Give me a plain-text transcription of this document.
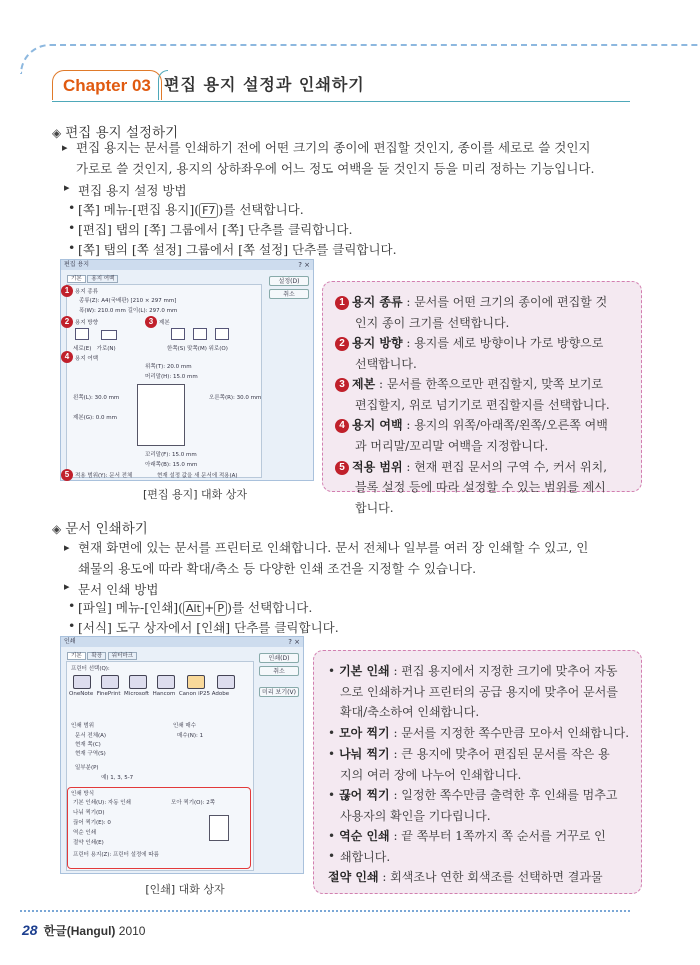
Chapter 03 편집 용지 설정과 인쇄하기
◈ 편집 용지 설정하기
▸ 편집 용지는 문서를 인쇄하기 전에 어떤 크기의 종이에 편집할 것인지, 종이를 세로로 쓸 것인지
가로로 쓸 것인지, 용지의 상하좌우에 어느 정도 여백을 둘 것인지 등을 미리 정하는 기능입니다.
▸ 편집 용지 설정 방법
• [쪽] 메뉴-[편집 용지]( F7 )를 선택합니다.
• [편집] 탭의 [쪽] 그룹에서 [쪽] 단추를 클릭합니다.
• [쪽] 탭의 [쪽 설정] 그룹에서 [쪽 설정] 단추를 클릭합니다.
편집 용지	? ×
기본 용지 여백	설정(D)
취소
1	용지 종류
종류(Z): A4(국배판) [210 × 297 mm]
폭(W): 210.0 mm 길이(L): 297.0 mm
2	용지 방향	3	제본
세로(E) 가로(N)	한쪽(S) 맞쪽(M) 위로(O)
4	용지 여백
위쪽(T): 20.0 mm
머리말(H): 15.0 mm
왼쪽(L): 30.0 mm	오른쪽(R): 30.0 mm
제본(G): 0.0 mm
꼬리말(F): 15.0 mm
아래쪽(B): 15.0 mm
5	적용 범위(Y): 문서 전체	현재 설정 값을 새 문서에 적용(A)
[편집 용지] 대화 상자
1 용지 종류 : 문서를 어떤 크기의 종이에 편집할 것
인지 종이 크기를 선택합니다.
2 용지 방향 : 용지를 세로 방향이나 가로 방향으로
선택합니다.
3 제본 : 문서를 한쪽으로만 편집할지, 맞쪽 보기로
편집할지, 위로 넘기기로 편집할지를 선택합니다.
4 용지 여백 : 용지의 위쪽/아래쪽/왼쪽/오른쪽 여백
과 머리말/꼬리말 여백을 지정합니다.

5 적용 범위 : 현재 편집 문서의 구역 수, 커서 위치,
블록 설정 등에 따라 설정할 수 있는 범위를 제시
합니다.
◈ 문서 인쇄하기
▸ 현재 화면에 있는 문서를 프린터로 인쇄합니다. 문서 전체나 일부를 여러 장 인쇄할 수 있고, 인
쇄물의 용도에 따라 확대/축소 등 다양한 인쇄 조건을 지정할 수 있습니다.
▸ 문서 인쇄 방법
• [파일] 메뉴-[인쇄]( Alt + P )를 선택합니다.
• [서식] 도구 상자에서 [인쇄] 단추를 클릭합니다.
인쇄	? ×
기본 확장 워터마크	인쇄(D)
취소
미리 보기(V)
프린터 선택(Q):
OneNote FinePrint Microsoft Hancom Canon iP25 Adobe
인쇄 범위
문서 전체(A)
현재 쪽(C)
현재 구역(S)
일부분(P)
인쇄 매수
매수(N): 1
예) 1, 3, 5-7
인쇄 방식
기본 인쇄(U): 자동 인쇄	모아 찍기(O): 2쪽
나눠 찍기(D)
끊어 찍기(E): 0
역순 인쇄
절약 인쇄(E)
프린터 용지(Z): 프린터 설정에 따름
[인쇄] 대화 상자
• 기본 인쇄 : 편집 용지에서 지정한 크기에 맞추어 자동
으로 인쇄하거나 프린터의 공급 용지에 맞추어 문서를
확대/축소하여 인쇄합니다.
• 모아 찍기 : 문서를 지정한 쪽수만큼 모아서 인쇄합니다.
• 나눠 찍기 : 큰 용지에 맞추어 편집된 문서를 작은 용
지의 여러 장에 나누어 인쇄합니다.
• 끊어 찍기 : 일정한 쪽수만큼 출력한 후 인쇄를 멈추고
사용자의 확인을 기다립니다.
• 역순 인쇄 : 끝 쪽부터 1쪽까지 쪽 순서를 거꾸로 인
쇄합니다.

• 절약 인쇄 : 회색조나 연한 회색조를 선택하면 결과물
28 한글(Hangul) 2010
